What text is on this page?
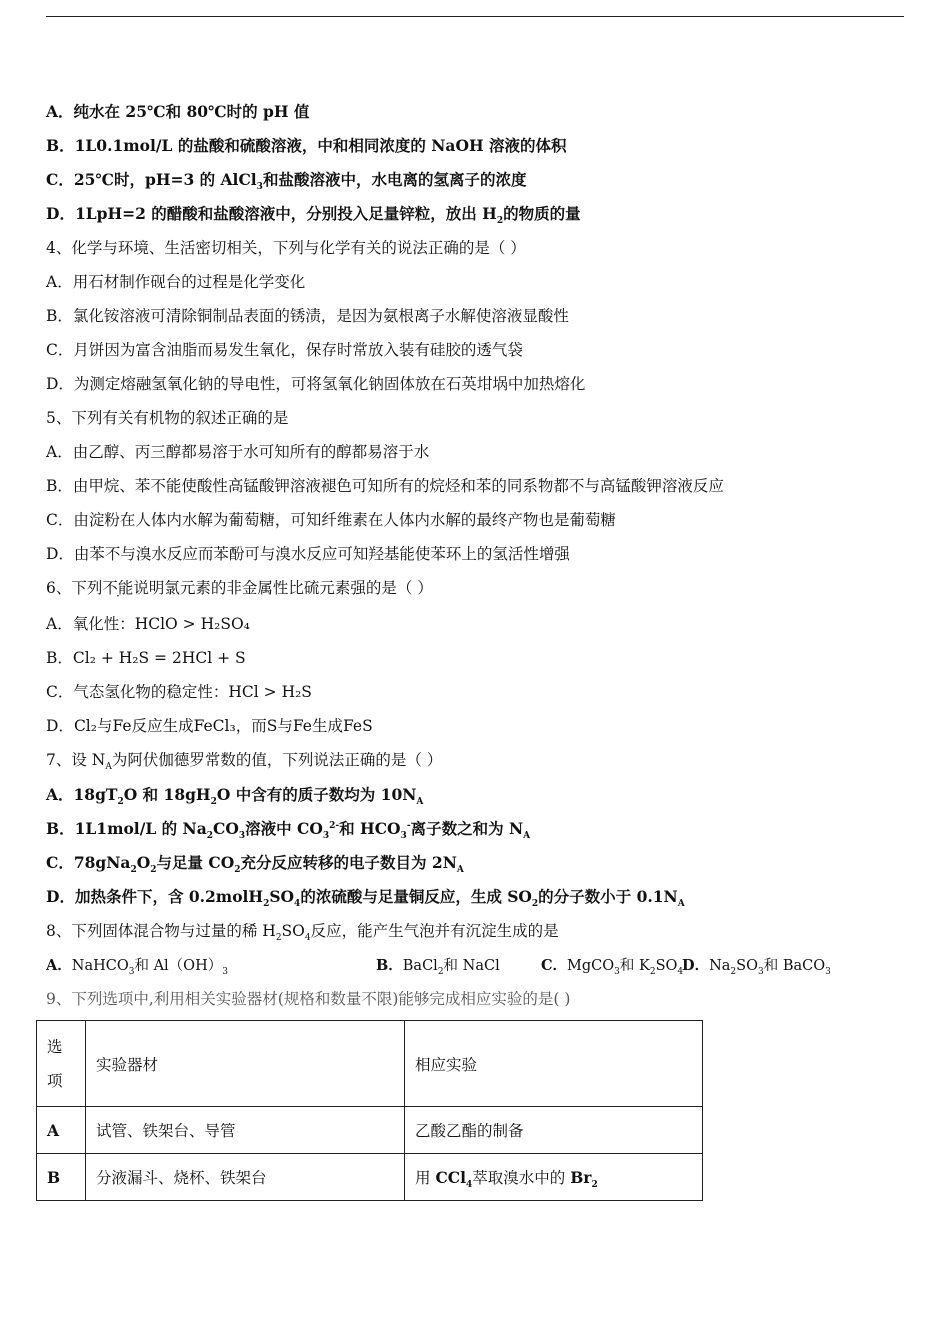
A．纯水在 25℃和 80℃时的 pH 值
B．1L0.1mol/L 的盐酸和硫酸溶液，中和相同浓度的 NaOH 溶液的体积
C．25℃时，pH=3 的 AlCl$_3$和盐酸溶液中，水电离的氢离子的浓度
D．1LpH=2 的醋酸和盐酸溶液中，分别投入足量锌粒，放出 $H_2$的物质的量
4、化学与环境、生活密切相关，下列与化学有关的说法正确的是（ ）
A．用石材制作砚台的过程是化学变化
B．氯化铵溶液可清除铜制品表面的锈渍，是因为氨根离子水解使溶液显酸性
C．月饼因为富含油脂而易发生氧化，保存时常放入装有硅胶的透气袋
D．为测定熔融氢氧化钠的导电性，可将氢氧化钠固体放在石英坩埚中加热熔化
5、下列有关有机物的叙述正确的是
A．由乙醇、丙三醇都易溶于水可知所有的醇都易溶于水
B．由甲烷、苯不能使酸性高锰酸钾溶液褪色可知所有的烷烃和苯的同系物都不与高锰酸钾溶液反应
C．由淀粉在人体内水解为葡萄糖，可知纤维素在人体内水解的最终产物也是葡萄糖
D．由苯不与溴水反应而苯酚可与溴水反应可知羟基能使苯环上的氢活性增强
6、下列不能说明氯元素的非金属性比硫元素强的是（ ）
A．氧化性：HClO > H₂SO₄
B．Cl₂ + H₂S = 2HCl + S
C．气态氢化物的稳定性：HCl > H₂S
D．Cl₂与Fe反应生成FeCl₃，而S与Fe生成FeS
7、设 $N_A$为阿伏伽德罗常数的值，下列说法正确的是（ ）
A．$18gT_2O$ 和 $18gH_2O$ 中含有的质子数均为 $10N_A$
B．1L1mol/L 的 $Na_2CO_3$溶液中 $CO_3^{2-}$和 $HCO_3^-$离子数之和为 $N_A$
C．$78gNa_2O_2$与足量 $CO_2$充分反应转移的电子数目为 $2N_A$
D．加热条件下，含 $0.2molH_2SO_4$的浓硫酸与足量铜反应，生成 $SO_2$的分子数小于 $0.1N_A$
8、下列固体混合物与过量的稀 $H_2SO_4$反应，能产生气泡并有沉淀生成的是
A．NaHCO$_3$和 $Al(OH)_3$	B．BaCl$_2$和 NaCl	C．MgCO$_3$和 $K_2SO_4$
D．$Na_2SO_3$和 BaCO$_3$
9、下列选项中,利用相关实验器材(规格和数量不限)能够完成相应实验的是( )
选
项	实验器材	相应实验
A	试管、铁架台、导管	乙酸乙酯的制备
B	分液漏斗、烧杯、铁架台	用 CCl$_4$萃取溴水中的 $Br_2$
